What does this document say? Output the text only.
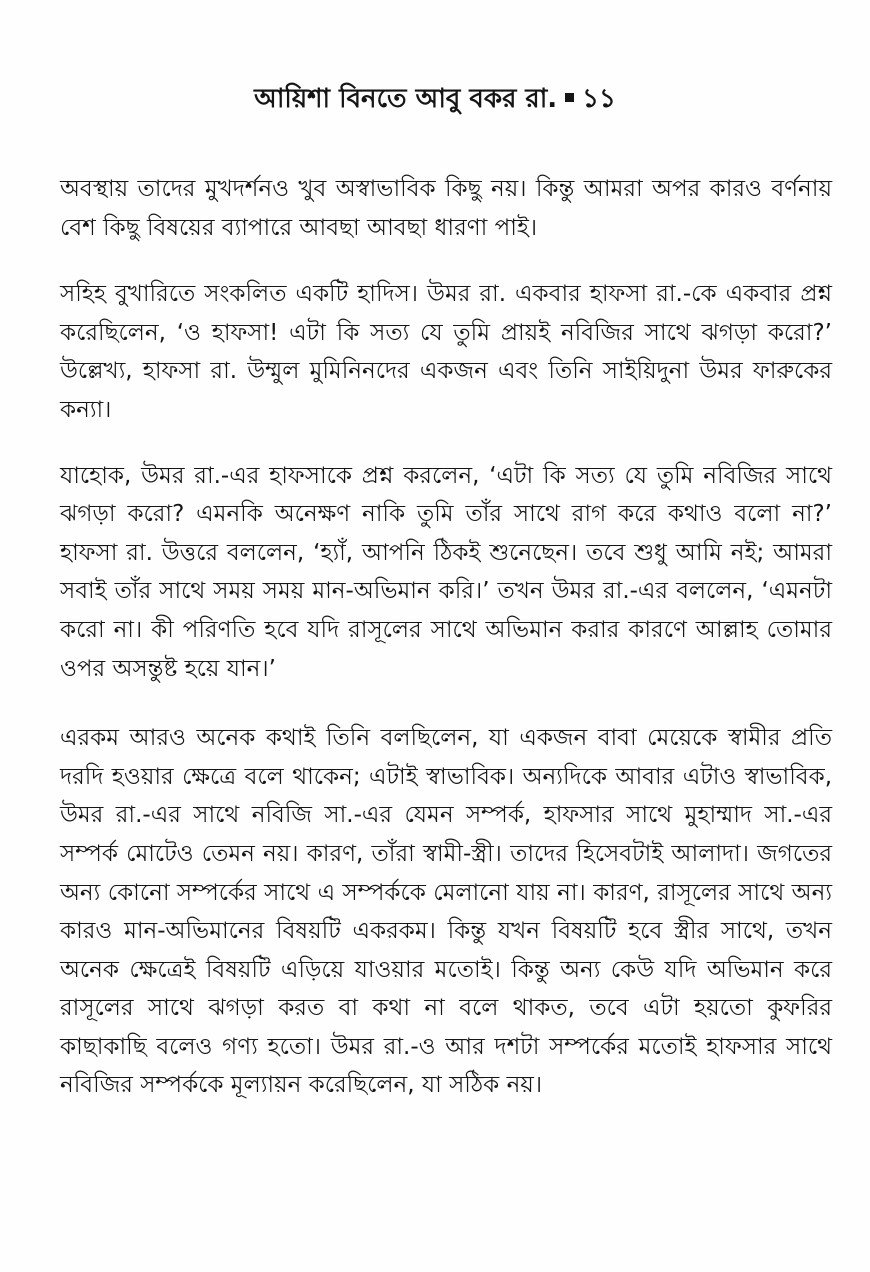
আয়িশা বিনতে আবু বকর রা. ১১

অবস্থায় তাদের মুখদর্শনও খুব অস্বাভাবিক কিছু নয়। কিন্তু আমরা অপর কারও বর্ণনায় বেশ কিছু বিষয়ের ব্যাপারে আবছা আবছা ধারণা পাই।

সহিহ বুখারিতে সংকলিত একটি হাদিস। উমর রা. একবার হাফসা রা.-কে একবার প্রশ্ন করেছিলেন, ‘ও হাফসা! এটা কি সত্য যে তুমি প্রায়ই নবিজির সাথে ঝগড়া করো?’ উল্লেখ্য, হাফসা রা. উম্মুল মুমিনিনদের একজন এবং তিনি সাইয়িদুনা উমর ফারুকের কন্যা।

যাহোক, উমর রা.-এর হাফসাকে প্রশ্ন করলেন, ‘এটা কি সত্য যে তুমি নবিজির সাথে ঝগড়া করো? এমনকি অনেক্ষণ নাকি তুমি তাঁর সাথে রাগ করে কথাও বলো না?’ হাফসা রা. উত্তরে বললেন, ‘হ্যাঁ, আপনি ঠিকই শুনেছেন। তবে শুধু আমি নই; আমরা সবাই তাঁর সাথে সময় সময় মান-অভিমান করি।’ তখন উমর রা.-এর বললেন, ‘এমনটা করো না। কী পরিণতি হবে যদি রাসূলের সাথে অভিমান করার কারণে আল্লাহ তোমার ওপর অসন্তুষ্ট হয়ে যান।’

এরকম আরও অনেক কথাই তিনি বলছিলেন, যা একজন বাবা মেয়েকে স্বামীর প্রতি দরদি হওয়ার ক্ষেত্রে বলে থাকেন; এটাই স্বাভাবিক। অন্যদিকে আবার এটাও স্বাভাবিক, উমর রা.-এর সাথে নবিজি সা.-এর যেমন সম্পর্ক, হাফসার সাথে মুহাম্মাদ সা.-এর সম্পর্ক মোটেও তেমন নয়। কারণ, তাঁরা স্বামী-স্ত্রী। তাদের হিসেবটাই আলাদা। জগতের অন্য কোনো সম্পর্কের সাথে এ সম্পর্ককে মেলানো যায় না। কারণ, রাসূলের সাথে অন্য কারও মান-অভিমানের বিষয়টি একরকম। কিন্তু যখন বিষয়টি হবে স্ত্রীর সাথে, তখন অনেক ক্ষেত্রেই বিষয়টি এড়িয়ে যাওয়ার মতোই। কিন্তু অন্য কেউ যদি অভিমান করে রাসূলের সাথে ঝগড়া করত বা কথা না বলে থাকত, তবে এটা হয়তো কুফরির কাছাকাছি বলেও গণ্য হতো। উমর রা.-ও আর দশটা সম্পর্কের মতোই হাফসার সাথে নবিজির সম্পর্ককে মূল্যায়ন করেছিলেন, যা সঠিক নয়।
